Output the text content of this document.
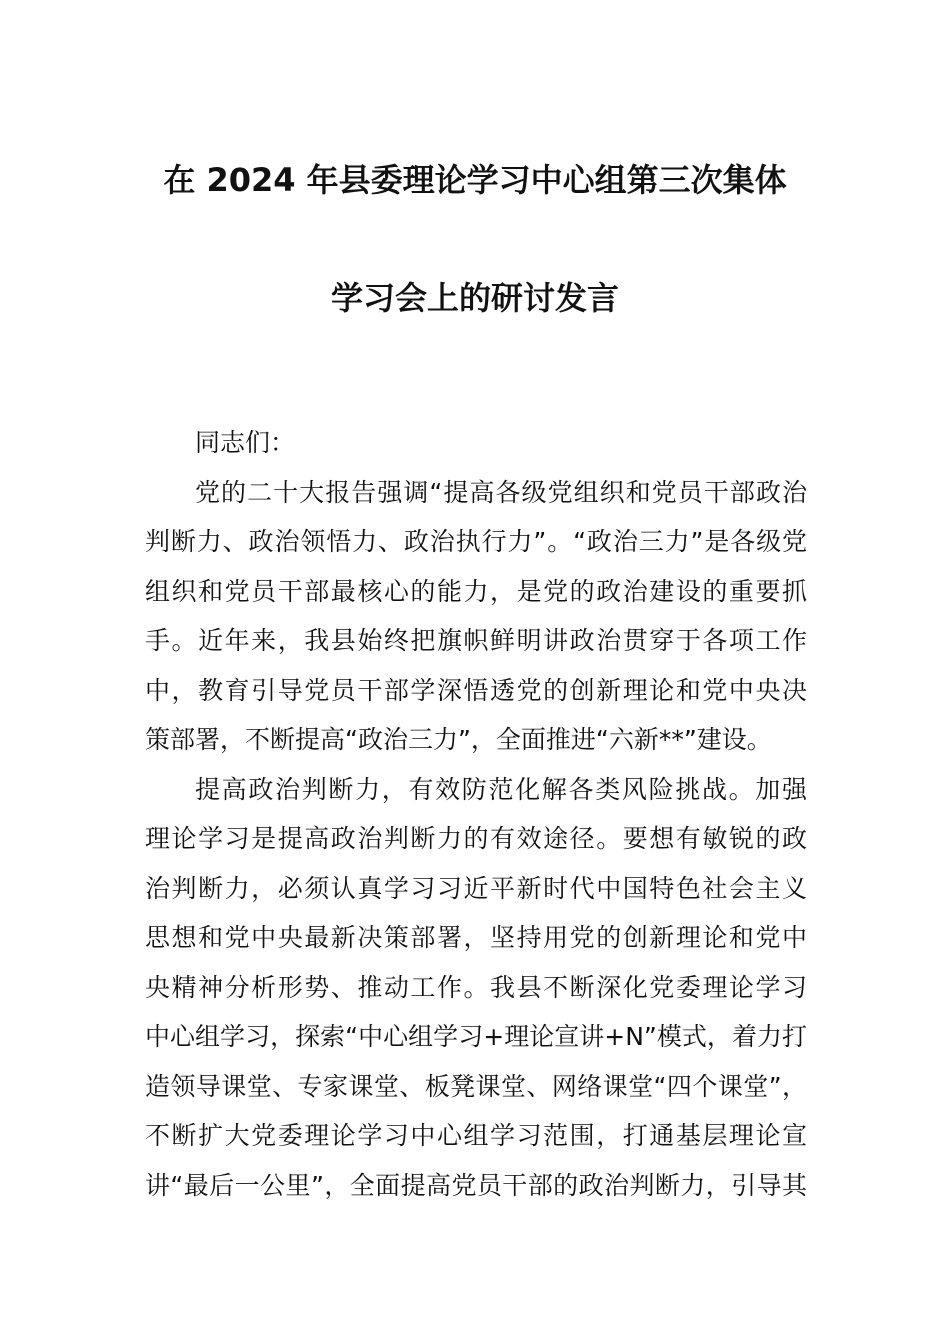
在 2024 年县委理论学习中心组第三次集体
学习会上的研讨发言
同志们：
党的二十大报告强调“提高各级党组织和党员干部政治
判断力、政治领悟力、政治执行力”。“政治三力”是各级党
组织和党员干部最核心的能力，是党的政治建设的重要抓
手。近年来，我县始终把旗帜鲜明讲政治贯穿于各项工作
中，教育引导党员干部学深悟透党的创新理论和党中央决
策部署，不断提高“政治三力”，全面推进“六新**”建设。
提高政治判断力，有效防范化解各类风险挑战。加强
理论学习是提高政治判断力的有效途径。要想有敏锐的政
治判断力，必须认真学习习近平新时代中国特色社会主义
思想和党中央最新决策部署，坚持用党的创新理论和党中
央精神分析形势、推动工作。我县不断深化党委理论学习
中心组学习，探索“中心组学习+理论宣讲+N”模式，着力打
造领导课堂、专家课堂、板凳课堂、网络课堂“四个课堂”，
不断扩大党委理论学习中心组学习范围，打通基层理论宣
讲“最后一公里”，全面提高党员干部的政治判断力，引导其
